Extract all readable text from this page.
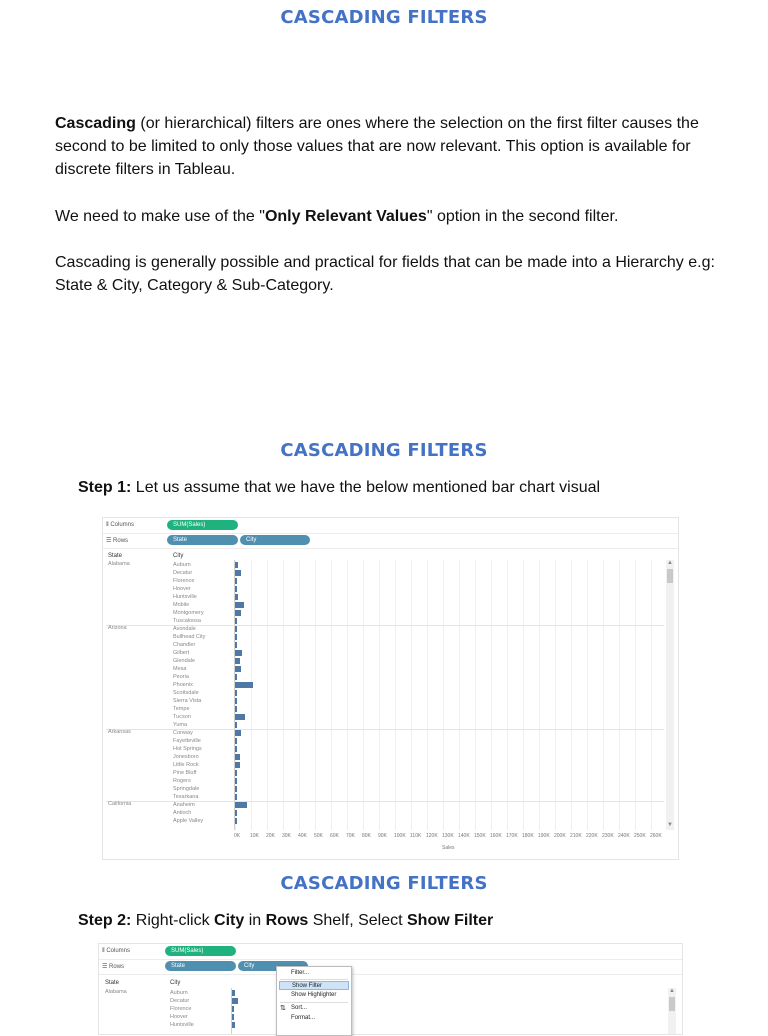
CASCADING FILTERS

Cascading (or hierarchical) filters are ones where the selection on the first filter causes the second to be limited to only those values that are now relevant. This option is available for discrete filters in Tableau.

We need to make use of the "Only Relevant Values" option in the second filter.

Cascading is generally possible and practical for fields that can be made into a Hierarchy e.g: State & City, Category & Sub-Category.

CASCADING FILTERS

Step 1: Let us assume that we have the below mentioned bar chart visual

⦀ Columns	SUM(Sales)
☰ Rows	State	City
State	City
0K 10K 20K 30K 40K 50K 60K 70K 80K 90K 100K 110K 120K 130K 140K 150K 160K 170K 180K 190K 200K 210K 220K 230K 240K 250K 260K
Alabama	Auburn
Decatur
Florence
Hoover
Huntsville
Mobile
Montgomery
Tuscaloosa
Arizona	Avondale
Bullhead City
Chandler
Gilbert
Glendale
Mesa
Peoria
Phoenix
Scottsdale
Sierra Vista
Tempe
Tucson
Yuma
Arkansas	Conway
Fayetteville
Hot Springs
Jonesboro
Little Rock
Pine Bluff
Rogers
Springdale
Texarkana
California	Anaheim
Antioch
Apple Valley
▲
▼
Sales
CASCADING FILTERS

Step 2: Right-click City in Rows Shelf, Select Show Filter

⦀ Columns	SUM(Sales)
☰ Rows	State	City
State	City
Alabama	Auburn
Decatur
Florence
Hoover
Huntsville
▲
Filter...
Show Filter
Show Highlighter
⇅ Sort...
Format...
